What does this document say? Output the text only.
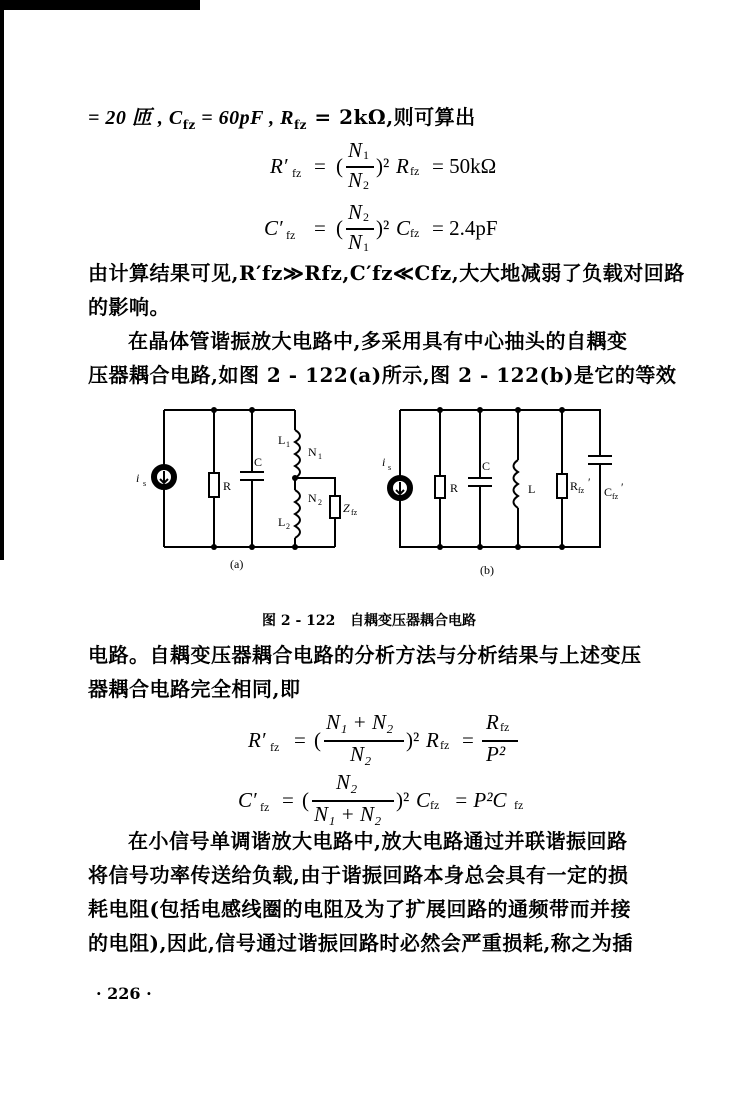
= 20 匝 , $C_{fz} = 60pF$ , $R_{fz} = 2k\Omega$,则可算出
R′ fz = (
N 1
N 2
)² R fz = 50kΩ
C′ fz = (
N 2
N 1
)² C fz = 2.4pF
由计算结果可见,R′fz≫Rfz,C′fz≪Cfz,大大地减弱了负载对回路
的影响。
在晶体管谐振放大电路中,多采用具有中心抽头的自耦变
压器耦合电路,如图 2 - 122(a)所示,图 2 - 122(b)是它的等效
i s	R
C
L 1
N 1
N 2
L 2
Z fz
(a)
i s
R
C
L	R fz
′
C fz
′
(b)
图 2 - 122   自耦变压器耦合电路
电路。自耦变压器耦合电路的分析方法与分析结果与上述变压
器耦合电路完全相同,即
R′ fz = (
N₁ + N₂
N₂
)² R fz =
R fz
P²
C′ fz = (
N₂
N₁ + N₂
)² C fz = P²C fz
在小信号单调谐放大电路中,放大电路通过并联谐振回路
将信号功率传送给负载,由于谐振回路本身总会具有一定的损
耗电阻(包括电感线圈的电阻及为了扩展回路的通频带而并接
的电阻),因此,信号通过谐振回路时必然会严重损耗,称之为插
· 226 ·
